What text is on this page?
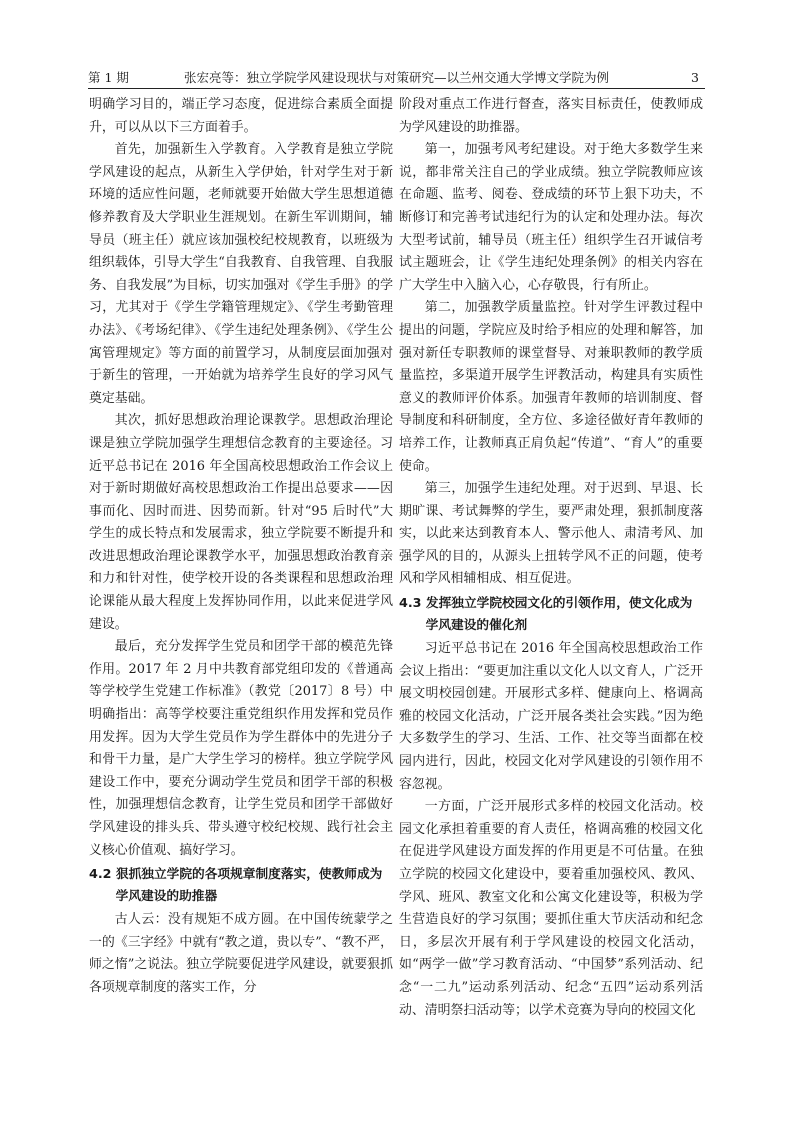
第 1 期	张宏亮等：独立学院学风建设现状与对策研究—以兰州交通大学博文学院为例	3

明确学习目的，端正学习态度，促进综合素质全面提升，可以从以下三方面着手。

首先，加强新生入学教育。入学教育是独立学院学风建设的起点，从新生入学伊始，针对学生对于新环境的适应性问题，老师就要开始做大学生思想道德修养教育及大学职业生涯规划。在新生军训期间，辅导员（班主任）就应该加强校纪校规教育，以班级为组织载体，引导大学生“自我教育、自我管理、自我服务、自我发展”为目标，切实加强对《学生手册》的学习，尤其对于《学生学籍管理规定》、《学生考勤管理办法》、《考场纪律》、《学生违纪处理条例》、《学生公寓管理规定》等方面的前置学习，从制度层面加强对于新生的管理，一开始就为培养学生良好的学习风气奠定基础。

其次，抓好思想政治理论课教学。思想政治理论课是独立学院加强学生理想信念教育的主要途径。习近平总书记在 2016 年全国高校思想政治工作会议上对于新时期做好高校思想政治工作提出总要求——因事而化、因时而进、因势而新。针对“95 后时代”大学生的成长特点和发展需求，独立学院要不断提升和改进思想政治理论课教学水平，加强思想政治教育亲和力和针对性，使学校开设的各类课程和思想政治理论课能从最大程度上发挥协同作用，以此来促进学风建设。

最后，充分发挥学生党员和团学干部的模范先锋作用。2017 年 2 月中共教育部党组印发的《普通高等学校学生党建工作标准》（教党〔2017〕8 号）中明确指出：高等学校要注重党组织作用发挥和党员作用发挥。因为大学生党员作为学生群体中的先进分子和骨干力量，是广大学生学习的榜样。独立学院学风建设工作中，要充分调动学生党员和团学干部的积极性，加强理想信念教育，让学生党员和团学干部做好学风建设的排头兵、带头遵守校纪校规、践行社会主义核心价值观、搞好学习。

4.2 狠抓独立学院的各项规章制度落实，使教师成为学风建设的助推器

古人云：没有规矩不成方圆。在中国传统蒙学之一的《三字经》中就有“教之道，贵以专”、“教不严，师之惰”之说法。独立学院要促进学风建设，就要狠抓各项规章制度的落实工作，分

阶段对重点工作进行督查，落实目标责任，使教师成为学风建设的助推器。

第一，加强考风考纪建设。对于绝大多数学生来说，都非常关注自己的学业成绩。独立学院教师应该在命题、监考、阅卷、登成绩的环节上狠下功夫，不断修订和完善考试违纪行为的认定和处理办法。每次大型考试前，辅导员（班主任）组织学生召开诚信考试主题班会，让《学生违纪处理条例》的相关内容在广大学生中入脑入心，心存敬畏，行有所止。

第二，加强教学质量监控。针对学生评教过程中提出的问题，学院应及时给予相应的处理和解答，加强对新任专职教师的课堂督导、对兼职教师的教学质量监控，多渠道开展学生评教活动，构建具有实质性意义的教师评价体系。加强青年教师的培训制度、督导制度和科研制度，全方位、多途径做好青年教师的培养工作，让教师真正肩负起“传道”、“育人”的重要使命。

第三，加强学生违纪处理。对于迟到、早退、长期旷课、考试舞弊的学生，要严肃处理，狠抓制度落实，以此来达到教育本人、警示他人、肃清考风、加强学风的目的，从源头上扭转学风不正的问题，使考风和学风相辅相成、相互促进。

4.3 发挥独立学院校园文化的引领作用，使文化成为学风建设的催化剂

习近平总书记在 2016 年全国高校思想政治工作会议上指出：“要更加注重以文化人以文育人，广泛开展文明校园创建。开展形式多样、健康向上、格调高雅的校园文化活动，广泛开展各类社会实践。”因为绝大多数学生的学习、生活、工作、社交等当面都在校园内进行，因此，校园文化对学风建设的引领作用不容忽视。

一方面，广泛开展形式多样的校园文化活动。校园文化承担着重要的育人责任，格调高雅的校园文化在促进学风建设方面发挥的作用更是不可估量。在独立学院的校园文化建设中，要着重加强校风、教风、学风、班风、教室文化和公寓文化建设等，积极为学生营造良好的学习氛围；要抓住重大节庆活动和纪念日，多层次开展有利于学风建设的校园文化活动，如“两学一做”学习教育活动、“中国梦”系列活动、纪念“一二九”运动系列活动、纪念“五四”运动系列活动、清明祭扫活动等；以学术竞赛为导向的校园文化
